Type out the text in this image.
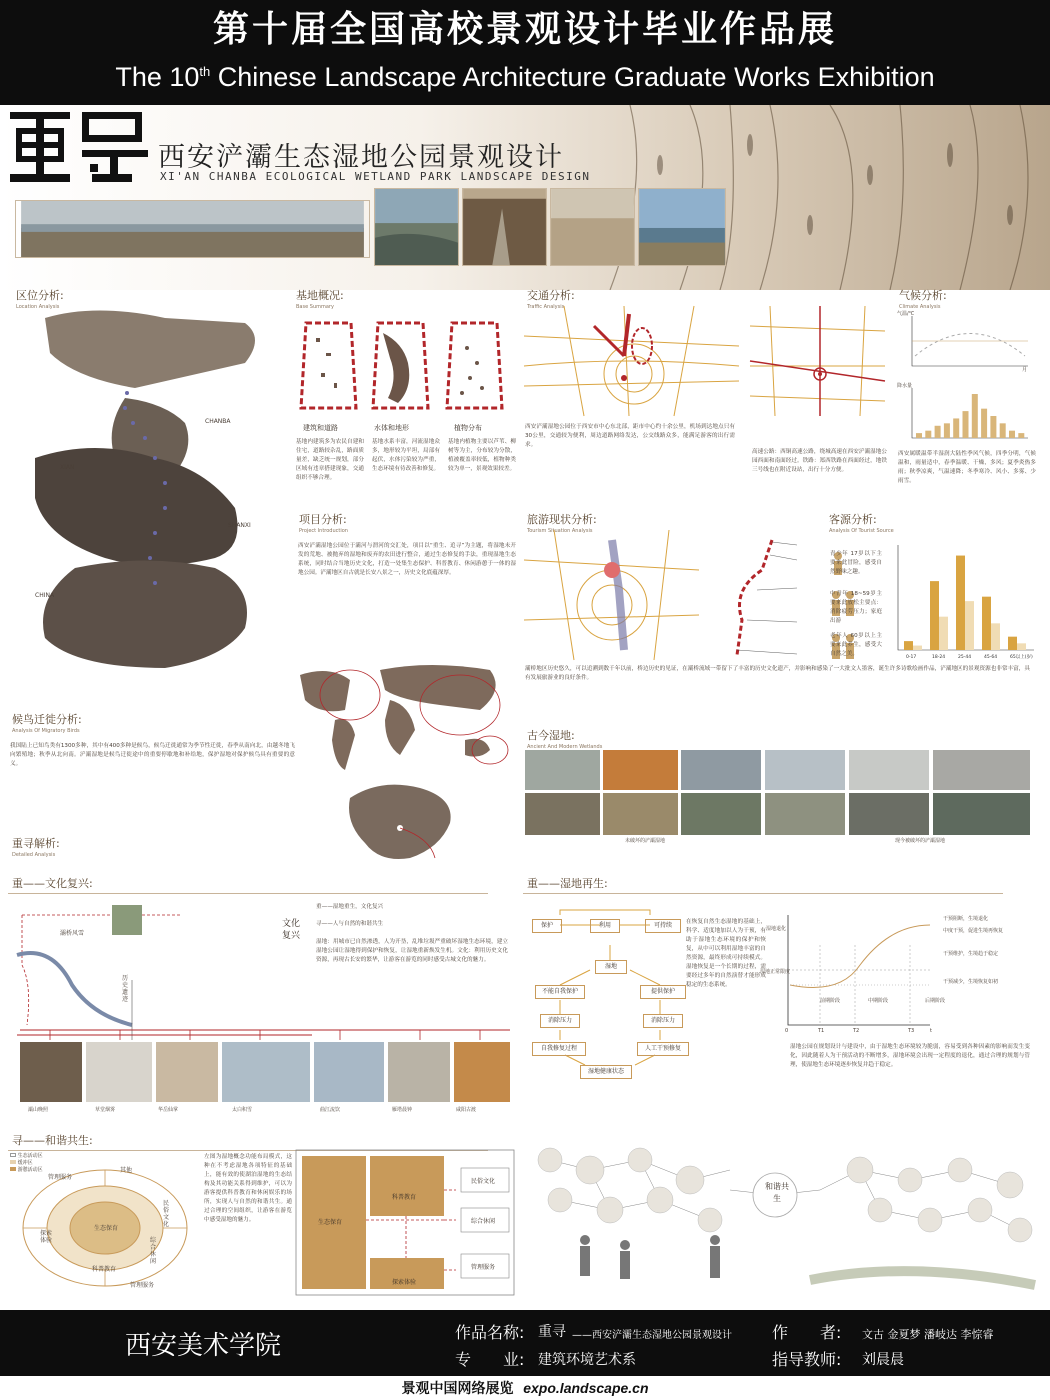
第十届全国高校景观设计毕业作品展
The 10th Chinese Landscape Architecture Graduate Works Exhibition
西安浐灞生态湿地公园景观设计
XI'AN CHANBA ECOLOGICAL WETLAND PARK LANDSCAPE DESIGN
区位分析:
Location Analysis
CHANBA
XIAN
SHANXI
CHINA
基地概况:
Base Summary
建筑和道路	水体和地形	植物分布
基地内建筑多为农民自建和住宅，道路较杂乱，路面质量差，缺乏统一规划，部分区域有违章搭建现象，交通组织不够合理。
基地水系丰富，河流湿地众多，地形较为平坦，局部有起伏，水体污染较为严重，生态环境有待改善和修复。
基地内植物主要以芦苇、柳树等为主，分布较为分散，植被覆盖率较低，植物种类较为单一，景观效果较差。
交通分析:
Traffic Analysis
西安浐灞湿地公园位于西安市中心东北部，距市中心约十余公里，机场到达地点只有30公里，交通较为便利，周边道路网络发达，公交线路众多，能满足游客的出行需求。
高速公路：西铜高速公路，绕城高速在西安浐灞湿地公园西面和南面经过。铁路：郑西铁路在西面经过，地铁三号线也在附近设站，出行十分方便。
气候分析:
Climate Analysis
气温/℃
月
降水量
西安属暖温带半湿润大陆性季风气候，四季分明，气候温和，雨量适中，春季温暖、干燥，多风；夏季炎热多雨；秋季凉爽，气温速降；冬季寒冷、风小、多雾、少雨雪。
项目分析:
Project Introduction
西安浐灞湿地公园位于灞河与渭河的交汇处，项目以“重生、追寻”为主题，将湿地未开发的荒地、被抛弃的湿地和废弃的农田进行整合，通过生态修复的手法，重现湿地生态系统，同时结合当地历史文化，打造一处集生态保护、科普教育、休闲游憩于一体的湿地公园。浐灞地区自古就是长安八景之一，历史文化底蕴深厚。
旅游现状分析:
Tourism Situation Analysis
灞桥地区历史悠久，可以追溯到数千年以前，桥边历史的见证，在灞桥流域一带留下了丰富的历史文化遗产，并影响和感染了一大批文人墨客，诞生许多诗歌绘画作品，浐灞地区的景观资源也非常丰富，具有发展旅游业的良好条件。
客源分析:
Analysis Of Tourist Source
青少年 17岁以下主要来此冒险，感受自然野味之趣。
中青年 18~59岁主要来此放松主要点：消除疲劳压力；家庭出游
老年人 60岁以上主要来此养生，感受大自然之美。
0-17	18-24	25-44	45-64	65以上(岁)
候鸟迁徙分析:
Analysis Of Migratory Birds
我国陆上已知鸟类有1300多种，其中有400多种是候鸟，候鸟迁徙通常为季节性迁徙，春季从南向北，由越冬地飞向繁殖地；秋季从北向南。浐灞湿地是候鸟迁徙途中的重要停歇地和补给地，保护湿地对保护候鸟具有重要的意义。
古今湿地:
Ancient And Modern Wetlands
未破坏的浐灞湿地	现今被破坏的浐灞湿地
重寻解析:
Detailed Analysis
重——文化复兴:
灞桥风雪
文化复兴
历史遗迹
重——湿地重生，文化复兴
寻——人与自然的和谐共生
湿地：用城市已自然渗透，人为开垦，乱堆垃圾严重破坏湿地生态环境，建立湿地公园让湿地得到保护和恢复，让湿地重新焕发生机。文化：利用历史文化资源，再现古长安的繁华，让游客在游览的同时感受古城文化的魅力。
灞山晚照	草堂烟雾	华岳仙掌	太白积雪	曲江流饮	雁塔晨钟	咸阳古渡
重——湿地再生:
保护	利用	可持续
湿地
不能自我保护	提供保护
消除压力	消除压力
自我修复过程	人工干预修复
湿地健康状态
在恢复自然生态湿地的基础上，科学、适度地加以人为干预，有助于湿地生态环境的保护和恢复，从中可以利用湿地丰富的自然资源，最终形成可持续模式。湿地恢复是一个长期的过程，需要经过多年的自然演替才能形成稳定的生态系统。
湿地退化
湿地正常限度
前期阶段	中期阶段	后期阶段
0	T1	T2	T3	t
干预阻断，生境退化
中度干预，促进生境再恢复
干预维护，生境趋于稳定
干预减少，生境恢复如初
湿地公园在规划设计与建设中，由于湿地生态环境较为脆弱，容易受到各种因素的影响而发生变化，因此随着人为干预活动的不断增多，湿地环境会出现一定程度的退化，通过合理的规划与管理，使湿地生态环境逐步恢复并趋于稳定。
寻——和谐共生:
生态活动区
缓冲区
游憩活动区
生态保育
科普教育
探索体验
管理服务
其他
民俗文化
综合休闲
管理服务
左图为湿地概念功能布局模式，这种在不考虑湿地各项特征的基础上，能有效的使湖泊湿地的生态结构及其功能关系得到维护，可以为游客提供科普教育和休闲娱乐的场所，实现人与自然的和谐共生。通过合理的空间组织，让游客在游览中感受湿地的魅力。	生态保育
科普教育
探索体验
民俗文化
综合休闲
管理服务
和谐共生
西安美术学院	作品名称: 重寻 ——西安浐灞生态湿地公园景观设计	作　　者: 文古 金夏梦 潘岐达 李悰睿
专　　业: 建筑环境艺术系	指导教师: 刘晨晨
景观中国网络展览 expo.landscape.cn
